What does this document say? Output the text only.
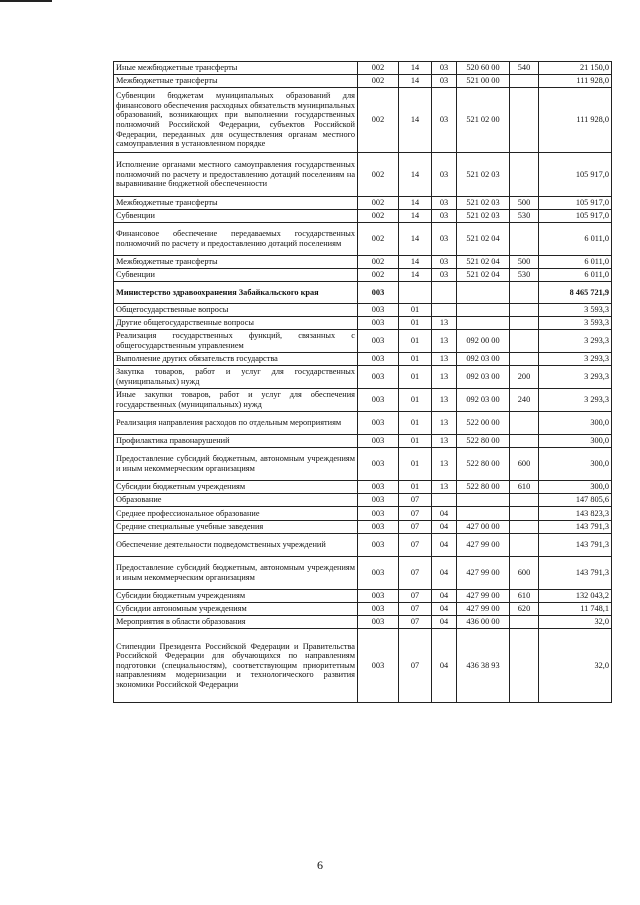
Иные межбюджетные трансферты	002	14	03	520 60 00	540	21 150,0
Межбюджетные трансферты	002	14	03	521 00 00		111 928,0
Субвенции бюджетам муниципальных образований для финансового обеспечения расходных обязательств муниципальных образований, возникающих при выполнении государственных полномочий Российской Федерации, субъектов Российской Федерации, переданных для осуществления органам местного самоуправления в установленном порядке	002	14	03	521 02 00		111 928,0
Исполнение органами местного самоуправления государственных полномочий по расчету и предоставлению дотаций поселениям на выравнивание бюджетной обеспеченности	002	14	03	521 02 03		105 917,0
Межбюджетные трансферты	002	14	03	521 02 03	500	105 917,0
Субвенции	002	14	03	521 02 03	530	105 917,0
Финансовое обеспечение передаваемых государственных полномочий по расчету и предоставлению дотаций поселениям	002	14	03	521 02 04		6 011,0
Межбюджетные трансферты	002	14	03	521 02 04	500	6 011,0
Субвенции	002	14	03	521 02 04	530	6 011,0

Министерство здравоохранения Забайкальского края	003					8 465 721,9
Общегосударственные вопросы	003	01				3 593,3
Другие общегосударственные вопросы	003	01	13			3 593,3
Реализация государственных функций, связанных с общегосударственным управлением	003	01	13	092 00 00		3 293,3
Выполнение других обязательств государства	003	01	13	092 03 00		3 293,3
Закупка товаров, работ и услуг для государственных (муниципальных) нужд	003	01	13	092 03 00	200	3 293,3
Иные закупки товаров, работ и услуг для обеспечения государственных (муниципальных) нужд	003	01	13	092 03 00	240	3 293,3
Реализация направления расходов по отдельным мероприятиям	003	01	13	522 00 00		300,0
Профилактика правонарушений	003	01	13	522 80 00		300,0
Предоставление субсидий бюджетным, автономным учреждениям и иным некоммерческим организациям	003	01	13	522 80 00	600	300,0
Субсидии бюджетным учреждениям	003	01	13	522 80 00	610	300,0
Образование	003	07				147 805,6
Среднее профессиональное образование	003	07	04			143 823,3
Средние специальные учебные заведения	003	07	04	427 00 00		143 791,3
Обеспечение деятельности подведомственных учреждений	003	07	04	427 99 00		143 791,3
Предоставление субсидий бюджетным, автономным учреждениям и иным некоммерческим организациям	003	07	04	427 99 00	600	143 791,3
Субсидии бюджетным учреждениям	003	07	04	427 99 00	610	132 043,2
Субсидии автономным учреждениям	003	07	04	427 99 00	620	11 748,1
Мероприятия в области образования	003	07	04	436 00 00		32,0
Стипендии Президента Российской Федерации и Правительства Российской Федерации для обучающихся по направлениям подготовки (специальностям), соответствующим приоритетным направлениям модернизации и технологического развития экономики Российской Федерации	003	07	04	436 38 93		32,0
6
